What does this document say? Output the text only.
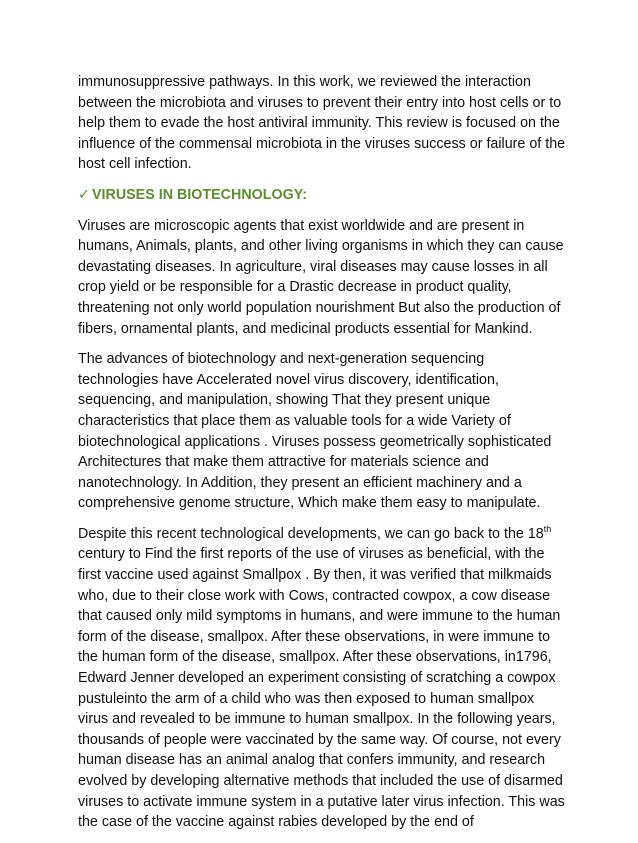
immunosuppressive pathways. In this work, we reviewed the interaction between the microbiota and viruses to prevent their entry into host cells or to help them to evade the host antiviral immunity. This review is focused on the influence of the commensal microbiota in the viruses success or failure of the host cell infection.

✓ VIRUSES IN BIOTECHNOLOGY:

Viruses are microscopic agents that exist worldwide and are present in humans, Animals, plants, and other living organisms in which they can cause devastating diseases. In agriculture, viral diseases may cause losses in all crop yield or be responsible for a Drastic decrease in product quality, threatening not only world population nourishment But also the production of fibers, ornamental plants, and medicinal products essential for Mankind.

The advances of biotechnology and next-generation sequencing technologies have Accelerated novel virus discovery, identification, sequencing, and manipulation, showing That they present unique characteristics that place them as valuable tools for a wide Variety of biotechnological applications . Viruses possess geometrically sophisticated Architectures that make them attractive for materials science and nanotechnology. In Addition, they present an efficient machinery and a comprehensive genome structure, Which make them easy to manipulate.

Despite this recent technological developments, we can go back to the 18th century to Find the first reports of the use of viruses as beneficial, with the first vaccine used against Smallpox . By then, it was verified that milkmaids who, due to their close work with Cows, contracted cowpox, a cow disease that caused only mild symptoms in humans, and were immune to the human form of the disease, smallpox. After these observations, in were immune to the human form of the disease, smallpox. After these observations, in1796, Edward Jenner developed an experiment consisting of scratching a cowpox pustuleinto the arm of a child who was then exposed to human smallpox virus and revealed to be immune to human smallpox. In the following years, thousands of people were vaccinated by the same way. Of course, not every human disease has an animal analog that confers immunity, and research evolved by developing alternative methods that included the use of disarmed viruses to activate immune system in a putative later virus infection. This was the case of the vaccine against rabies developed by the end of
